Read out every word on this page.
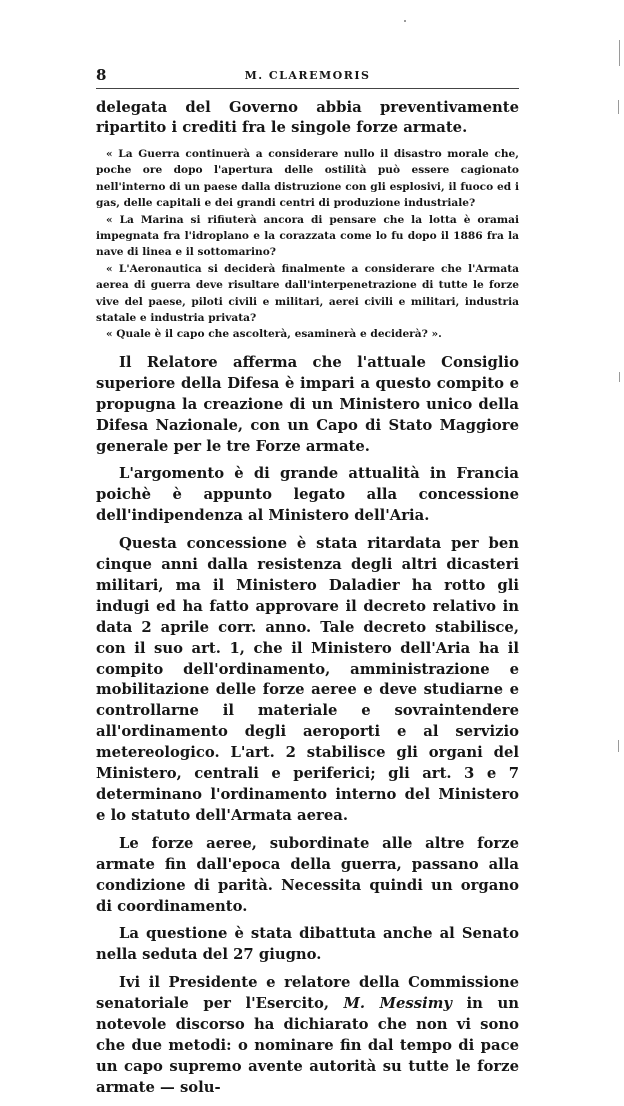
8	M. CLAREMORIS

delegata del Governo abbia preventivamente ripartito i crediti fra le singole forze armate.

« La Guerra continuerà a considerare nullo il disastro morale che, poche ore dopo l'apertura delle ostilità può essere cagionato nell'interno di un paese dalla distruzione con gli esplosivi, il fuoco ed i gas, delle capitali e dei grandi centri di produzione industriale?

« La Marina si rifiuterà ancora di pensare che la lotta è oramai impegnata fra l'idroplano e la corazzata come lo fu dopo il 1886 fra la nave di linea e il sottomarino?

« L'Aeronautica si deciderà finalmente a considerare che l'Armata aerea di guerra deve risultare dall'interpenetrazione di tutte le forze vive del paese, piloti civili e militari, aerei civili e militari, industria statale e industria privata?

« Quale è il capo che ascolterà, esaminerà e deciderà? ».

Il Relatore afferma che l'attuale Consiglio superiore della Difesa è impari a questo compito e propugna la creazione di un Ministero unico della Difesa Nazionale, con un Capo di Stato Maggiore generale per le tre Forze armate.

L'argomento è di grande attualità in Francia poichè è appunto legato alla concessione dell'indipendenza al Ministero dell'Aria.

Questa concessione è stata ritardata per ben cinque anni dalla resistenza degli altri dicasteri militari, ma il Ministero Daladier ha rotto gli indugi ed ha fatto approvare il decreto relativo in data 2 aprile corr. anno. Tale decreto stabilisce, con il suo art. 1, che il Ministero dell'Aria ha il compito dell'ordinamento, amministrazione e mobilitazione delle forze aeree e deve studiarne e controllarne il materiale e sovraintendere all'ordinamento degli aeroporti e al servizio metereologico. L'art. 2 stabilisce gli organi del Ministero, centrali e periferici; gli art. 3 e 7 determinano l'ordinamento interno del Ministero e lo statuto dell'Armata aerea.

Le forze aeree, subordinate alle altre forze armate fin dall'epoca della guerra, passano alla condizione di parità. Necessita quindi un organo di coordinamento.

La questione è stata dibattuta anche al Senato nella seduta del 27 giugno.

Ivi il Presidente e relatore della Commissione senatoriale per l'Esercito, M. Messimy in un notevole discorso ha dichiarato che non vi sono che due metodi: o nominare fin dal tempo di pace un capo supremo avente autorità su tutte le forze armate — solu-
